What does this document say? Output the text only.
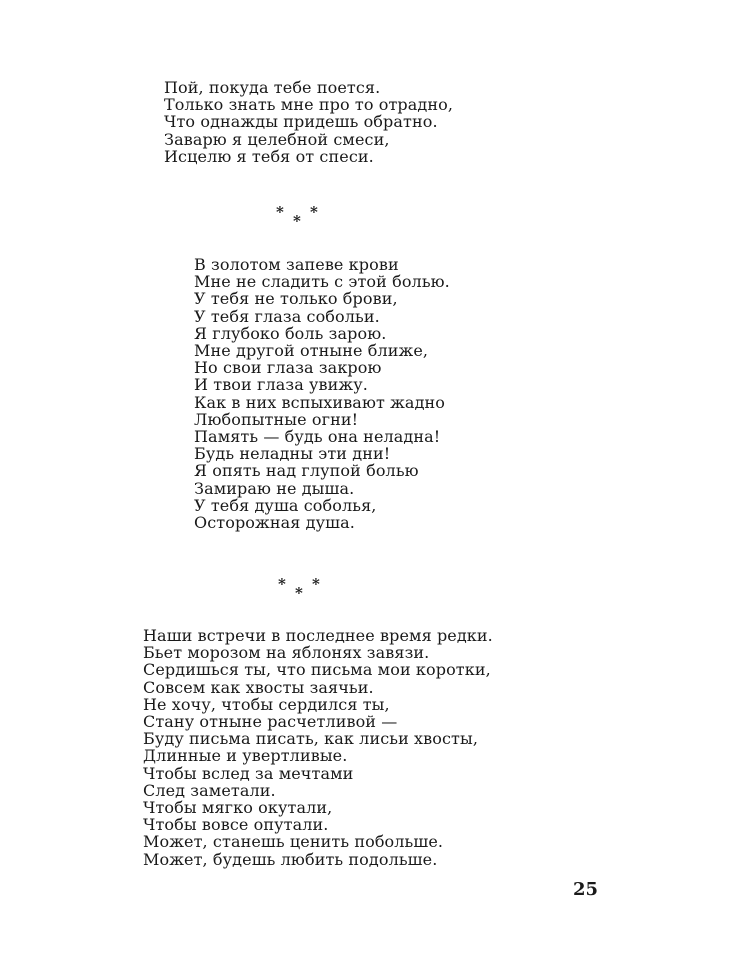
Пой, покуда тебе поется.
Только знать мне про то отрадно,
Что однажды придешь обратно.
Заварю я целебной смеси,
Исцелю я тебя от спеси.
* * *
В золотом запеве крови
Мне не сладить с этой болью.
У тебя не только брови,
У тебя глаза собольи.
Я глубоко боль зарою.
Мне другой отныне ближе,
Но свои глаза закрою
И твои глаза увижу.
Как в них вспыхивают жадно
Любопытные огни!
Память — будь она неладна!
Будь неладны эти дни!
Я опять над глупой болью
Замираю не дыша.
У тебя душа соболья,
Осторожная душа.
* * *
Наши встречи в последнее время редки.
Бьет морозом на яблонях завязи.
Сердишься ты, что письма мои коротки,
Совсем как хвосты заячьи.
Не хочу, чтобы сердился ты,
Стану отныне расчетливой —
Буду письма писать, как лисьи хвосты,
Длинные и увертливые.
Чтобы вслед за мечтами
След заметали.
Чтобы мягко окутали,
Чтобы вовсе опутали.
Может, станешь ценить побольше.
Может, будешь любить подольше.
25
